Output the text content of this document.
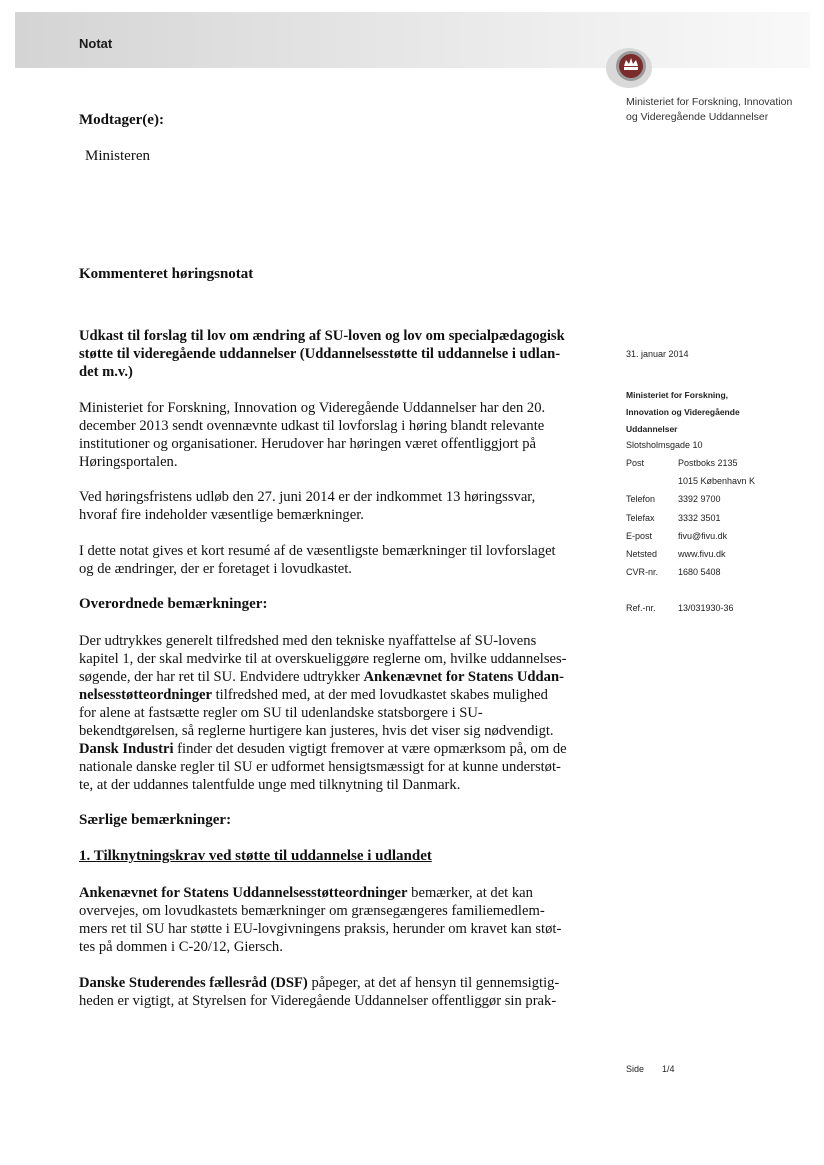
Notat
Ministeriet for Forskning, Innovation
og Videregående Uddannelser
Modtager(e):
Ministeren
Kommenteret høringsnotat
Udkast til forslag til lov om ændring af SU-loven og lov om specialpædagogisk
støtte til videregående uddannelser (Uddannelsesstøtte til uddannelse i udlan-
det m.v.)
Ministeriet for Forskning, Innovation og Videregående Uddannelser har den 20.
december 2013 sendt ovennævnte udkast til lovforslag i høring blandt relevante
institutioner og organisationer. Herudover har høringen været offentliggjort på
Høringsportalen.
Ved høringsfristens udløb den 27. juni 2014 er der indkommet 13 høringssvar,
hvoraf fire indeholder væsentlige bemærkninger.
I dette notat gives et kort resumé af de væsentligste bemærkninger til lovforslaget
og de ændringer, der er foretaget i lovudkastet.
Overordnede bemærkninger:
Der udtrykkes generelt tilfredshed med den tekniske nyaffattelse af SU-lovens
kapitel 1, der skal medvirke til at overskueliggøre reglerne om, hvilke uddannelses-
søgende, der har ret til SU. Endvidere udtrykker Ankenævnet for Statens Uddan-
nelsesstøtteordninger tilfredshed med, at der med lovudkastet skabes mulighed
for alene at fastsætte regler om SU til udenlandske statsborgere i SU-
bekendtgørelsen, så reglerne hurtigere kan justeres, hvis det viser sig nødvendigt.
Dansk Industri finder det desuden vigtigt fremover at være opmærksom på, om de
nationale danske regler til SU er udformet hensigtsmæssigt for at kunne understøt-
te, at der uddannes talentfulde unge med tilknytning til Danmark.
Særlige bemærkninger:
1. Tilknytningskrav ved støtte til uddannelse i udlandet
Ankenævnet for Statens Uddannelsesstøtteordninger bemærker, at det kan
overvejes, om lovudkastets bemærkninger om grænsegængeres familiemedlem-
mers ret til SU har støtte i EU-lovgivningens praksis, herunder om kravet kan støt-
tes på dommen i C-20/12, Giersch.
Danske Studerendes fællesråd (DSF) påpeger, at det af hensyn til gennemsigtig-
heden er vigtigt, at Styrelsen for Videregående Uddannelser offentliggør sin prak-
31. januar 2014
Ministeriet for Forskning,
Innovation og Videregående
Uddannelser
Slotsholmsgade 10
Post	Postboks 2135
1015 København K
Telefon	3392 9700
Telefax	3332 3501
E-post	fivu@fivu.dk
Netsted www.fivu.dk
CVR-nr. 1680 5408
Ref.-nr. 13/031930-36
Side 1/4
